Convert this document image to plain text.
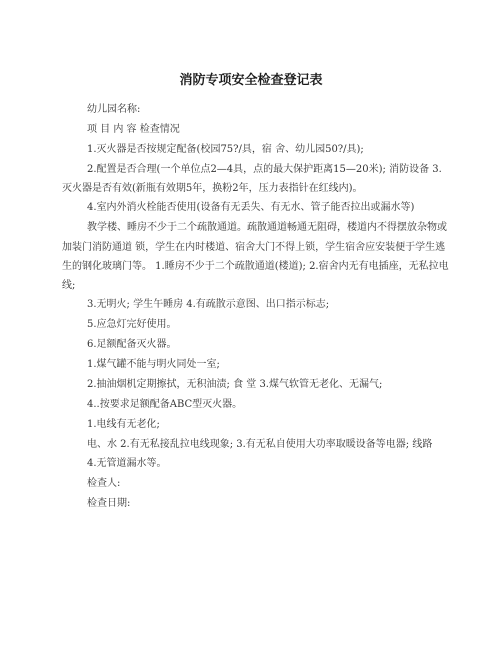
消防专项安全检查登记表

幼儿园名称:

项 目 内 容 检查情况

1.灭火器是否按规定配备(校园75?/具，宿 舍、幼儿园50?/具);

2.配置是否合理(一个单位点2—4具，点的最大保护距离15—20米); 消防设备 3.灭火器是否有效(新瓶有效期5年，换粉2年，压力表指针在红线内)。

4.室内外消火栓能否使用(设备有无丢失、有无水、管子能否拉出或漏水等)

教学楼、睡房不少于二个疏散通道。疏散通道畅通无阻碍，楼道内不得摆放杂物或加装门消防通道 锁，学生在内时楼道、宿舍大门不得上锁，学生宿舍应安装便于学生逃生的钢化玻璃门等。 1.睡房不少于二个疏散通道(楼道); 2.宿舍内无有电插座，无私拉电线;

3.无明火; 学生午睡房 4.有疏散示意图、出口指示标志;

5.应急灯完好使用。

6.足额配备灭火器。

1.煤气罐不能与明火同处一室;

2.抽油烟机定期擦拭，无积油渍; 食 堂 3.煤气软管无老化、无漏气;

4..按要求足额配备ABC型灭火器。

1.电线有无老化;

电、水 2.有无私接乱拉电线现象; 3.有无私自使用大功率取暖设备等电器; 线路

4.无管道漏水等。

检查人:

检查日期:
